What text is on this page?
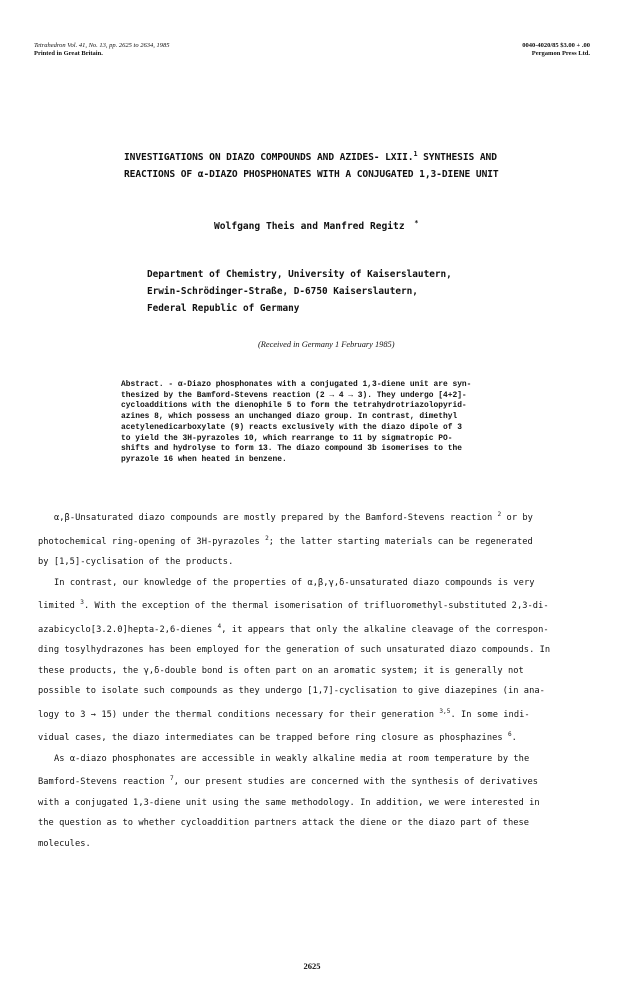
Tetrahedron Vol. 41, No. 13, pp. 2625 to 2634, 1985
Printed in Great Britain.
0040-4020/85 $3.00 + .00
Pergamon Press Ltd.
INVESTIGATIONS ON DIAZO COMPOUNDS AND AZIDES- LXII.$^1$ SYNTHESIS AND
REACTIONS OF α-DIAZO PHOSPHONATES WITH A CONJUGATED 1,3-DIENE UNIT
Wolfgang Theis and Manfred Regitz *
Department of Chemistry, University of Kaiserslautern,
Erwin-Schrödinger-Straße, D-6750 Kaiserslautern,
Federal Republic of Germany
(Received in Germany 1 February 1985)
Abstract. - α-Diazo phosphonates with a conjugated 1,3-diene unit are syn-
thesized by the Bamford-Stevens reaction (2 → 4 → 3). They undergo [4+2]-
cycloadditions with the dienophile 5 to form the tetrahydrotriazolopyrid-
azines 8, which possess an unchanged diazo group. In contrast, dimethyl
acetylenedicarboxylate (9) reacts exclusively with the diazo dipole of 3
to yield the 3H-pyrazoles 10, which rearrange to 11 by sigmatropic PO-
shifts and hydrolyse to form 13. The diazo compound 3b isomerises to the
pyrazole 16 when heated in benzene.
α,β-Unsaturated diazo compounds are mostly prepared by the Bamford-Stevens reaction $^2$ or by
photochemical ring-opening of 3H-pyrazoles $^2$; the latter starting materials can be regenerated
by [1,5]-cyclisation of the products.
In contrast, our knowledge of the properties of α,β,γ,δ-unsaturated diazo compounds is very
limited $^3$. With the exception of the thermal isomerisation of trifluoromethyl-substituted 2,3-di-
azabicyclo[3.2.0]hepta-2,6-dienes $^4$, it appears that only the alkaline cleavage of the correspon-
ding tosylhydrazones has been employed for the generation of such unsaturated diazo compounds. In
these products, the γ,δ-double bond is often part on an aromatic system; it is generally not
possible to isolate such compounds as they undergo [1,7]-cyclisation to give diazepines (in ana-
logy to 3 → 15) under the thermal conditions necessary for their generation $^{3,5}$. In some indi-
vidual cases, the diazo intermediates can be trapped before ring closure as phosphazines $^6$.
As α-diazo phosphonates are accessible in weakly alkaline media at room temperature by the
Bamford-Stevens reaction $^7$, our present studies are concerned with the synthesis of derivatives
with a conjugated 1,3-diene unit using the same methodology. In addition, we were interested in
the question as to whether cycloaddition partners attack the diene or the diazo part of these
molecules.
2625
